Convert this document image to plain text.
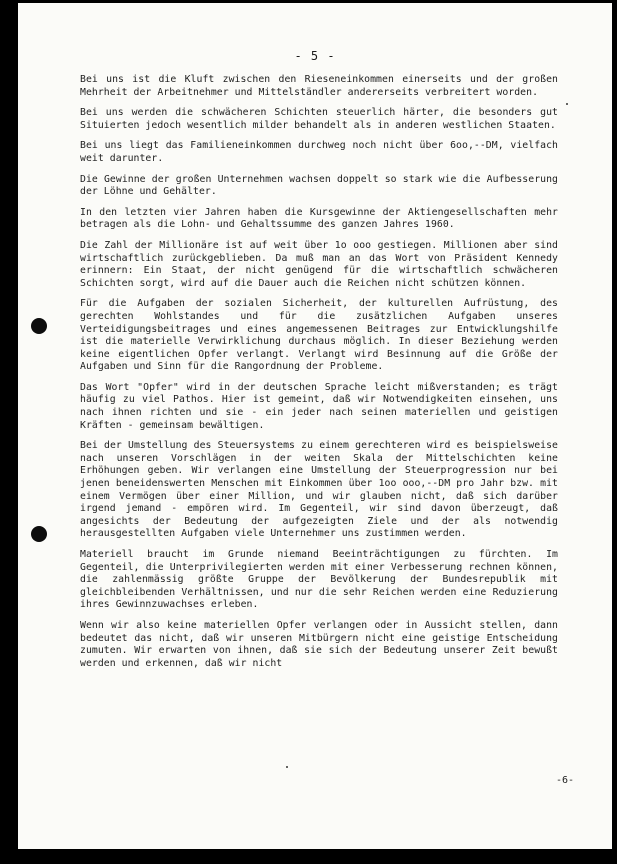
- 5 -

Bei uns ist die Kluft zwischen den Rieseneinkommen einerseits und der großen Mehrheit der Arbeitnehmer und Mittelständler andererseits verbreitert worden.

Bei uns werden die schwächeren Schichten steuerlich härter, die besonders gut Situierten jedoch wesentlich milder behandelt als in anderen westlichen Staaten.

Bei uns liegt das Familieneinkommen durchweg noch nicht über 6oo,--DM, vielfach weit darunter.

Die Gewinne der großen Unternehmen wachsen doppelt so stark wie die Aufbesserung der Löhne und Gehälter.

In den letzten vier Jahren haben die Kursgewinne der Aktiengesellschaften mehr betragen als die Lohn- und Gehaltssumme des ganzen Jahres 1960.

Die Zahl der Millionäre ist auf weit über 1o ooo gestiegen. Millionen aber sind wirtschaftlich zurückgeblieben. Da muß man an das Wort von Präsident Kennedy erinnern: Ein Staat, der nicht genügend für die wirtschaftlich schwächeren Schichten sorgt, wird auf die Dauer auch die Reichen nicht schützen können.

Für die Aufgaben der sozialen Sicherheit, der kulturellen Aufrüstung, des gerechten Wohlstandes und für die zusätzlichen Aufgaben unseres Verteidigungsbeitrages und eines angemessenen Beitrages zur Entwicklungshilfe ist die materielle Verwirklichung durchaus möglich. In dieser Beziehung werden keine eigentlichen Opfer verlangt. Verlangt wird Besinnung auf die Größe der Aufgaben und Sinn für die Rangordnung der Probleme.

Das Wort "Opfer" wird in der deutschen Sprache leicht mißverstanden; es trägt häufig zu viel Pathos. Hier ist gemeint, daß wir Notwendigkeiten einsehen, uns nach ihnen richten und sie - ein jeder nach seinen materiellen und geistigen Kräften - gemeinsam bewältigen.

Bei der Umstellung des Steuersystems zu einem gerechteren wird es beispielsweise nach unseren Vorschlägen in der weiten Skala der Mittelschichten keine Erhöhungen geben. Wir verlangen eine Umstellung der Steuerprogression nur bei jenen beneidenswerten Menschen mit Einkommen über 1oo ooo,--DM pro Jahr bzw. mit einem Vermögen über einer Million, und wir glauben nicht, daß sich darüber irgend jemand - empören wird. Im Gegenteil, wir sind davon überzeugt, daß angesichts der Bedeutung der aufgezeigten Ziele und der als notwendig herausgestellten Aufgaben viele Unternehmer uns zustimmen werden.

Materiell braucht im Grunde niemand Beeinträchtigungen zu fürchten. Im Gegenteil, die Unterprivilegierten werden mit einer Verbesserung rechnen können, die zahlenmässig größte Gruppe der Bevölkerung der Bundesrepublik mit gleichbleibenden Verhältnissen, und nur die sehr Reichen werden eine Reduzierung ihres Gewinnzuwachses erleben.

Wenn wir also keine materiellen Opfer verlangen oder in Aussicht stellen, dann bedeutet das nicht, daß wir unseren Mitbürgern nicht eine geistige Entscheidung zumuten. Wir erwarten von ihnen, daß sie sich der Bedeutung unserer Zeit bewußt werden und erkennen, daß wir nicht

-6-
